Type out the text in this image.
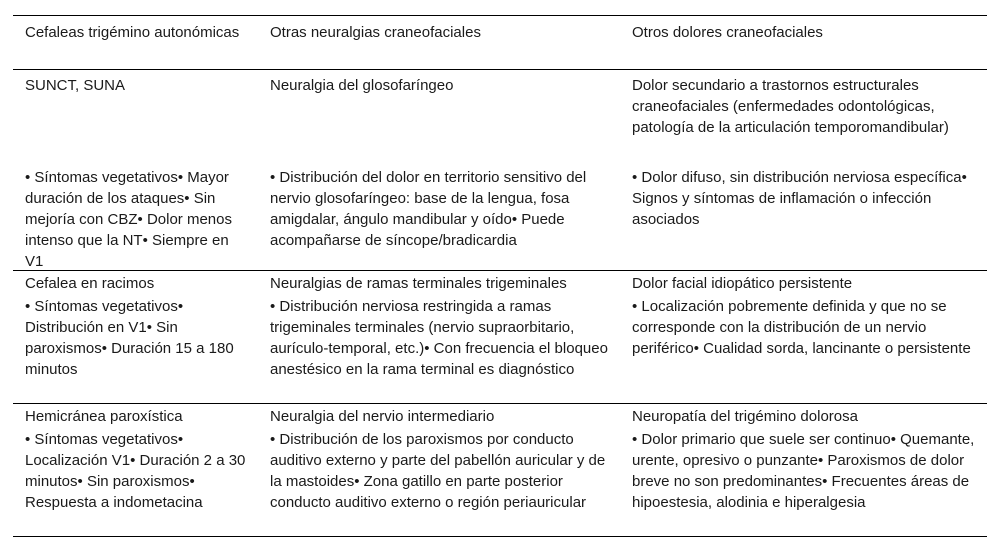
Cefaleas trigémino autonómicas	Otras neuralgias craneofaciales	Otros dolores craneofaciales
SUNCT, SUNA
• Síntomas vegetativos• Mayor duración de los ataques• Sin mejoría con CBZ• Dolor menos intenso que la NT• Siempre en V1
Neuralgia del glosofaríngeo
• Distribución del dolor en territorio sensitivo del nervio glosofaríngeo: base de la lengua, fosa amigdalar, ángulo mandibular y oído• Puede acompañarse de síncope/bradicardia
Dolor secundario a trastornos estructurales craneofaciales (enfermedades odontológicas, patología de la articulación temporomandibular)
• Dolor difuso, sin distribución nerviosa específica• Signos y síntomas de inflamación o infección asociados
Cefalea en racimos
• Síntomas vegetativos• Distribución en V1• Sin paroxismos• Duración 15 a 180 minutos
Neuralgias de ramas terminales trigeminales
• Distribución nerviosa restringida a ramas trigeminales terminales (nervio supraorbitario, aurículo-temporal, etc.)• Con frecuencia el bloqueo anestésico en la rama terminal es diagnóstico
Dolor facial idiopático persistente
• Localización pobremente definida y que no se corresponde con la distribución de un nervio periférico• Cualidad sorda, lancinante o persistente
Hemicránea paroxística
• Síntomas vegetativos• Localización V1• Duración 2 a 30 minutos• Sin paroxismos• Respuesta a indometacina
Neuralgia del nervio intermediario
• Distribución de los paroxismos por conducto auditivo externo y parte del pabellón auricular y de la mastoides• Zona gatillo en parte posterior conducto auditivo externo o región periauricular
Neuropatía del trigémino dolorosa
• Dolor primario que suele ser continuo• Quemante, urente, opresivo o punzante• Paroxismos de dolor breve no son predominantes• Frecuentes áreas de hipoestesia, alodinia e hiperalgesia
